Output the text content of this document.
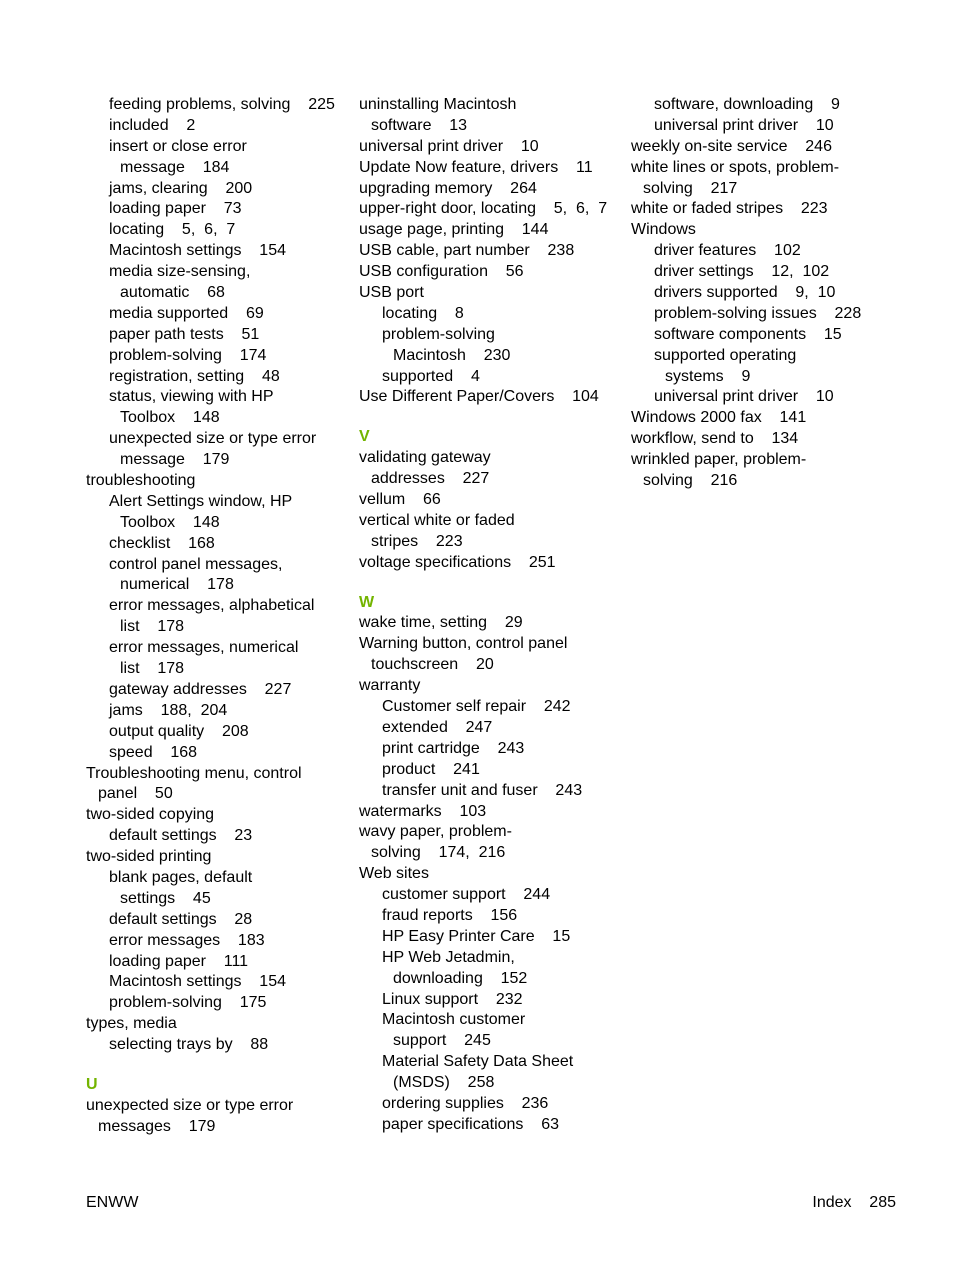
feeding problems, solving    225
included    2
insert or close error
message    184
jams, clearing    200
loading paper    73
locating    5,  6,  7
Macintosh settings    154
media size-sensing,
automatic    68
media supported    69
paper path tests    51
problem-solving    174
registration, setting    48
status, viewing with HP
Toolbox    148
unexpected size or type error
message    179
troubleshooting
Alert Settings window, HP
Toolbox    148
checklist    168
control panel messages,
numerical    178
error messages, alphabetical
list    178
error messages, numerical
list    178
gateway addresses    227
jams    188,  204
output quality    208
speed    168
Troubleshooting menu, control
panel    50
two-sided copying
default settings    23
two-sided printing
blank pages, default
settings    45
default settings    28
error messages    183
loading paper    111
Macintosh settings    154
problem-solving    175
types, media
selecting trays by    88
U
unexpected size or type error
messages    179
uninstalling Macintosh
software    13
universal print driver    10
Update Now feature, drivers    11
upgrading memory    264
upper-right door, locating    5,  6,  7
usage page, printing    144
USB cable, part number    238
USB configuration    56
USB port
locating    8
problem-solving
Macintosh    230
supported    4
Use Different Paper/Covers    104
V
validating gateway
addresses    227
vellum    66
vertical white or faded
stripes    223
voltage specifications    251
W
wake time, setting    29
Warning button, control panel
touchscreen    20
warranty
Customer self repair    242
extended    247
print cartridge    243
product    241
transfer unit and fuser    243
watermarks    103
wavy paper, problem-
solving    174,  216
Web sites
customer support    244
fraud reports    156
HP Easy Printer Care    15
HP Web Jetadmin,
downloading    152
Linux support    232
Macintosh customer
support    245
Material Safety Data Sheet
(MSDS)    258
ordering supplies    236
paper specifications    63
software, downloading    9
universal print driver    10
weekly on-site service    246
white lines or spots, problem-
solving    217
white or faded stripes    223
Windows
driver features    102
driver settings    12,  102
drivers supported    9,  10
problem-solving issues    228
software components    15
supported operating
systems    9
universal print driver    10
Windows 2000 fax    141
workflow, send to    134
wrinkled paper, problem-
solving    216
ENWW	Index    285
